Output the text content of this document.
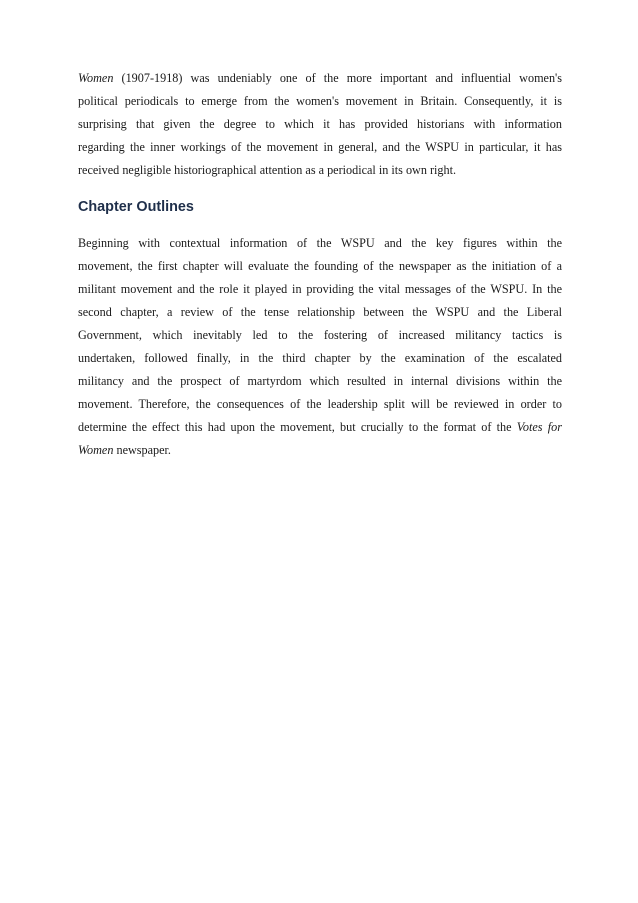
Women (1907-1918) was undeniably one of the more important and influential women's
political periodicals to emerge from the women's movement in Britain. Consequently, it is
surprising that given the degree to which it has provided historians with information
regarding the inner workings of the movement in general, and the WSPU in particular, it has
received negligible historiographical attention as a periodical in its own right.
Chapter Outlines
Beginning with contextual information of the WSPU and the key figures within the
movement, the first chapter will evaluate the founding of the newspaper as the initiation of a
militant movement and the role it played in providing the vital messages of the WSPU. In the
second chapter, a review of the tense relationship between the WSPU and the Liberal
Government, which inevitably led to the fostering of increased militancy tactics is
undertaken, followed finally, in the third chapter by the examination of the escalated
militancy and the prospect of martyrdom which resulted in internal divisions within the
movement. Therefore, the consequences of the leadership split will be reviewed in order to
determine the effect this had upon the movement, but crucially to the format of the Votes for
Women newspaper.
